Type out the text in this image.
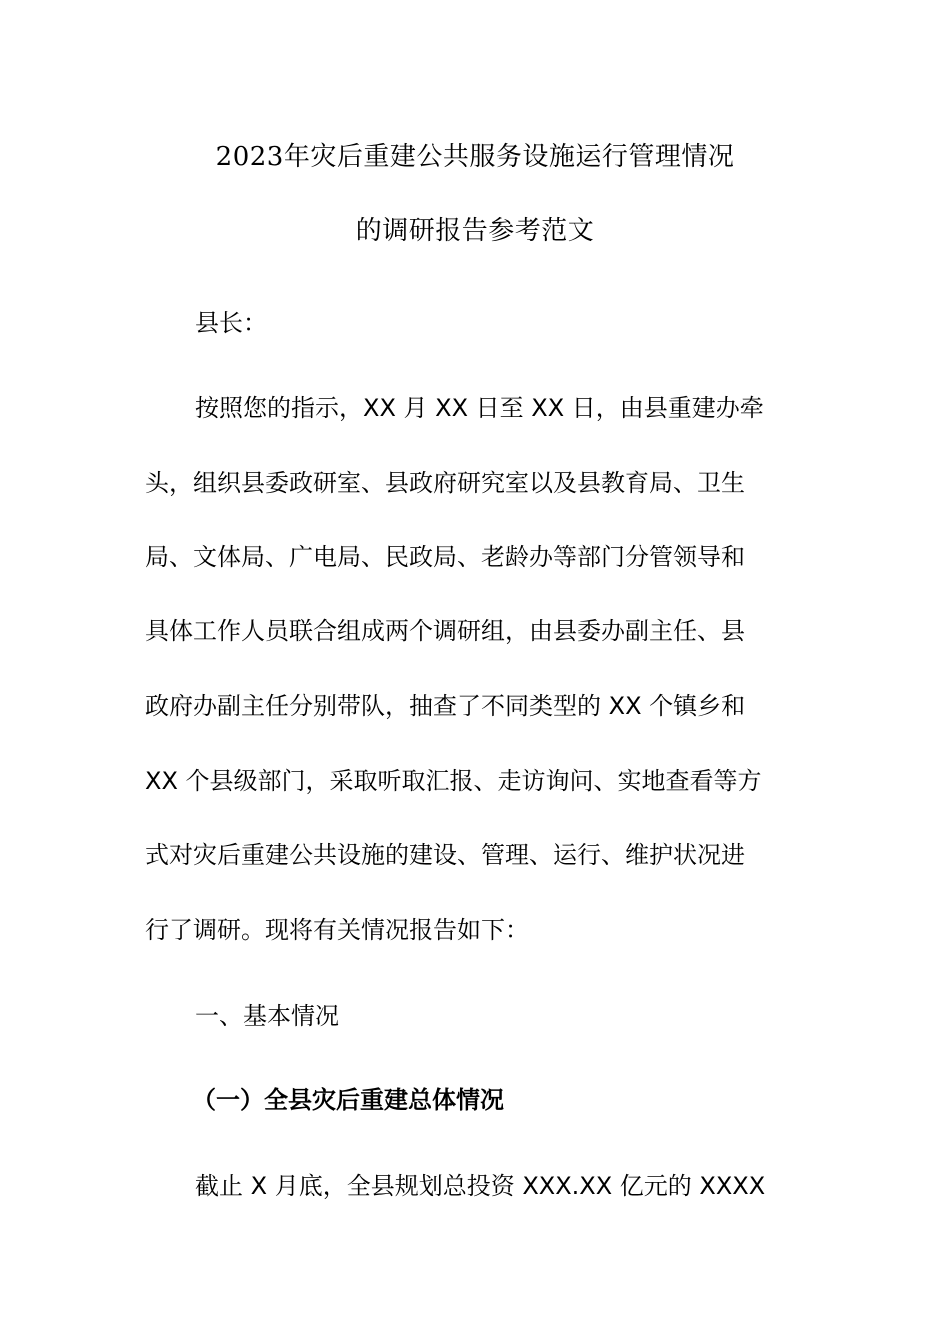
2023年灾后重建公共服务设施运行管理情况
的调研报告参考范文
县长：
按照您的指示，XX 月 XX 日至 XX 日，由县重建办牵
头，组织县委政研室、县政府研究室以及县教育局、卫生
局、文体局、广电局、民政局、老龄办等部门分管领导和
具体工作人员联合组成两个调研组，由县委办副主任、县
政府办副主任分别带队，抽查了不同类型的 XX 个镇乡和
XX 个县级部门，采取听取汇报、走访询问、实地查看等方
式对灾后重建公共设施的建设、管理、运行、维护状况进
行了调研。现将有关情况报告如下：
一、基本情况
（一）全县灾后重建总体情况
截止 X 月底，全县规划总投资 XXX.XX 亿元的 XXXX
